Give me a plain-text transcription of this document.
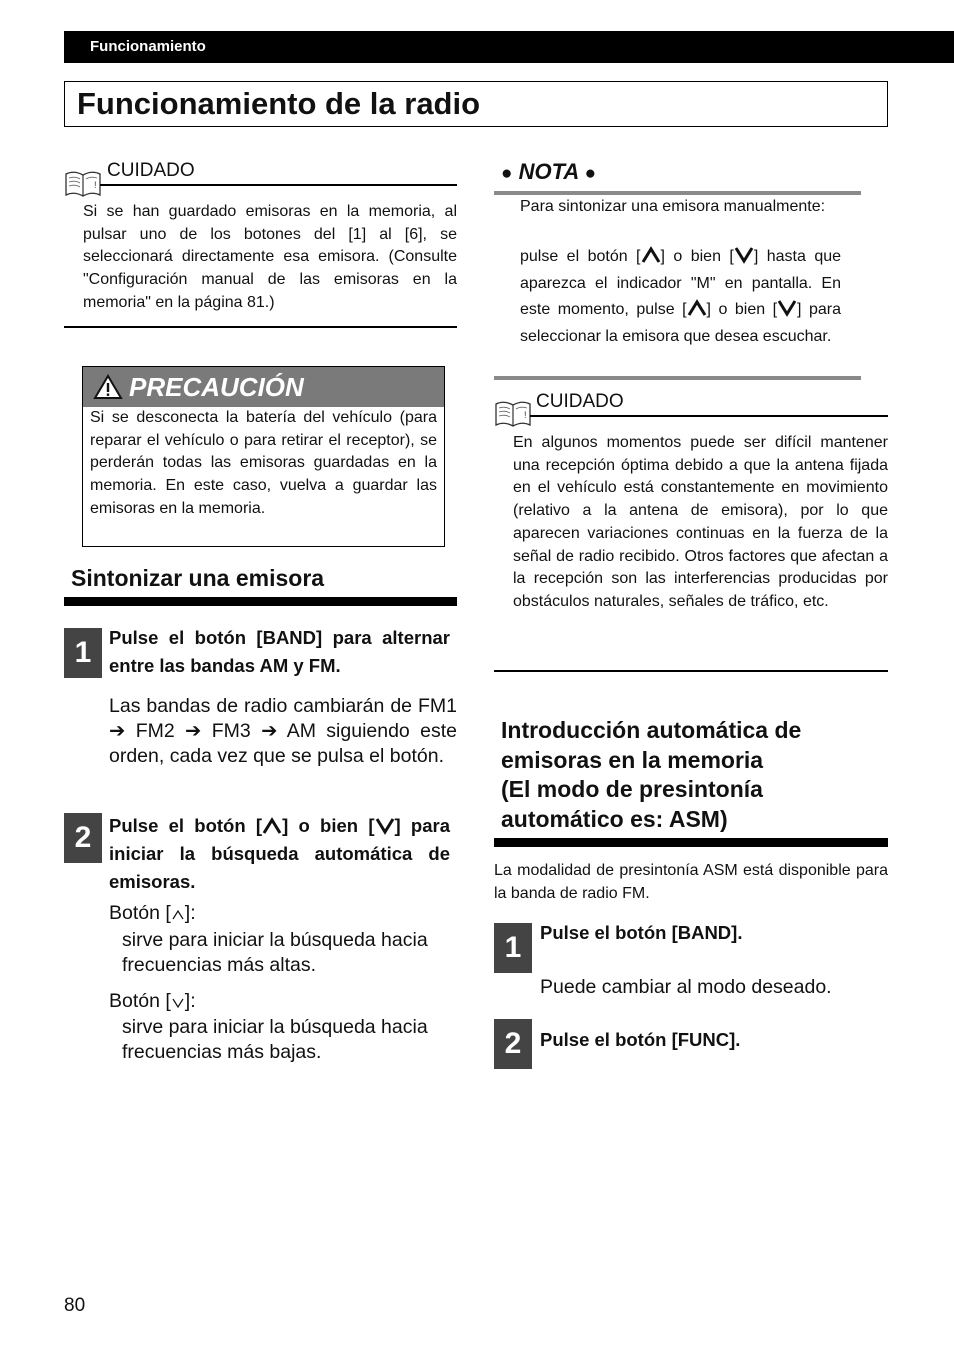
Funcionamiento
Funcionamiento de la radio
!
CUIDADO
Si se han guardado emisoras en la memoria, al pulsar uno de los botones del [1] al [6], se seleccionará directamente esa emisora. (Consulte "Configuración manual de las emisoras en la memoria" en la página 81.)
PRECAUCIÓN
Si se desconecta la batería del vehículo (para reparar el vehículo o para retirar el receptor), se perderán todas las emisoras guardadas en la memoria. En este caso, vuelva a guardar las emisoras en la memoria.
Sintonizar una emisora
1 Pulse el botón [BAND] para alternar entre las bandas AM y FM.
Las bandas de radio cambiarán de FM1 ➔ FM2 ➔ FM3 ➔ AM siguiendo este orden, cada vez que se pulsa el botón.
2 Pulse el botón [ ] o bien [ ] para iniciar la búsqueda automática de emisoras.
Botón [ ]:
sirve para iniciar la búsqueda hacia frecuencias más altas.
Botón [ ]:
sirve para iniciar la búsqueda hacia frecuencias más bajas.
● NOTA ●
Para sintonizar una emisora manualmente:
pulse el botón [ ] o bien [ ] hasta que aparezca el indicador "M" en pantalla. En este momento, pulse [ ] o bien [ ] para seleccionar la emisora que desea escuchar.
!
CUIDADO
En algunos momentos puede ser difícil mantener una recepción óptima debido a que la antena fijada en el vehículo está constantemente en movimiento (relativo a la antena de emisora), por lo que aparecen variaciones continuas en la fuerza de la señal de radio recibido. Otros factores que afectan a la recepción son las interferencias producidas por obstáculos naturales, señales de tráfico, etc.
Introducción automática de
emisoras en la memoria
(El modo de presintonía
automático es: ASM)
La modalidad de presintonía ASM está disponible para la banda de radio FM.
1	Pulse el botón [BAND].
Puede cambiar al modo deseado.
2	Pulse el botón [FUNC].
80
